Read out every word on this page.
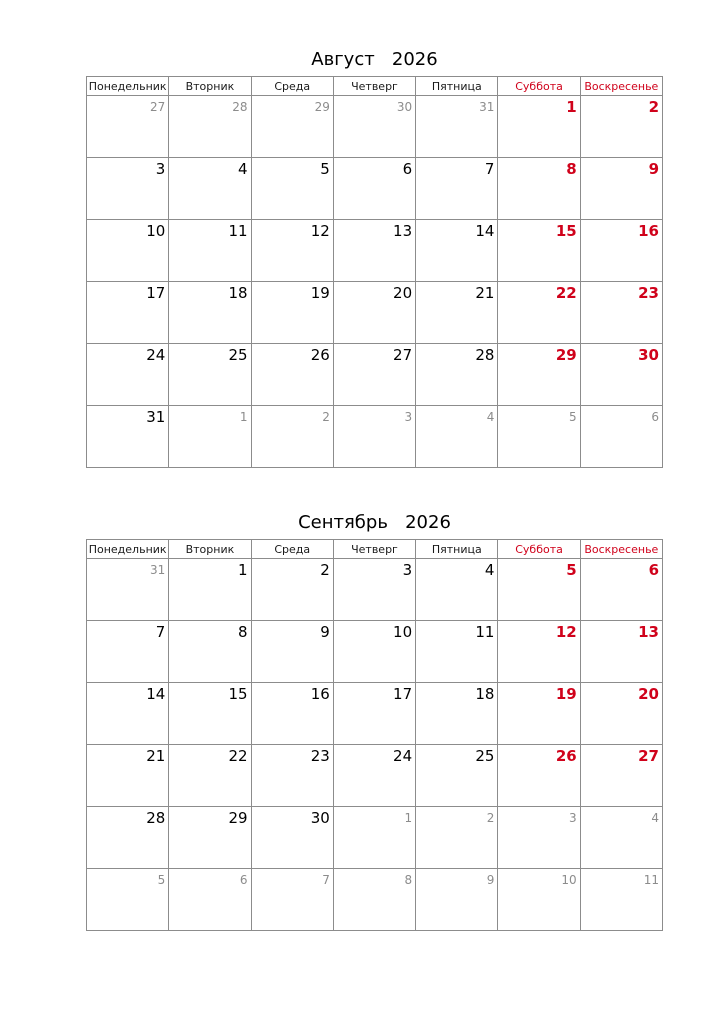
Август   2026
Понедельник	Вторник	Среда	Четверг	Пятница	Суббота	Воскресенье

27	28	29	30	31	1	2

3	4	5	6	7	8	9

10	11	12	13	14	15	16

17	18	19	20	21	22	23

24	25	26	27	28	29	30

31	1	2	3	4	5	6
Сентябрь   2026
Понедельник	Вторник	Среда	Четверг	Пятница	Суббота	Воскресенье

31	1	2	3	4	5	6

7	8	9	10	11	12	13

14	15	16	17	18	19	20

21	22	23	24	25	26	27

28	29	30	1	2	3	4

5	6	7	8	9	10	11
